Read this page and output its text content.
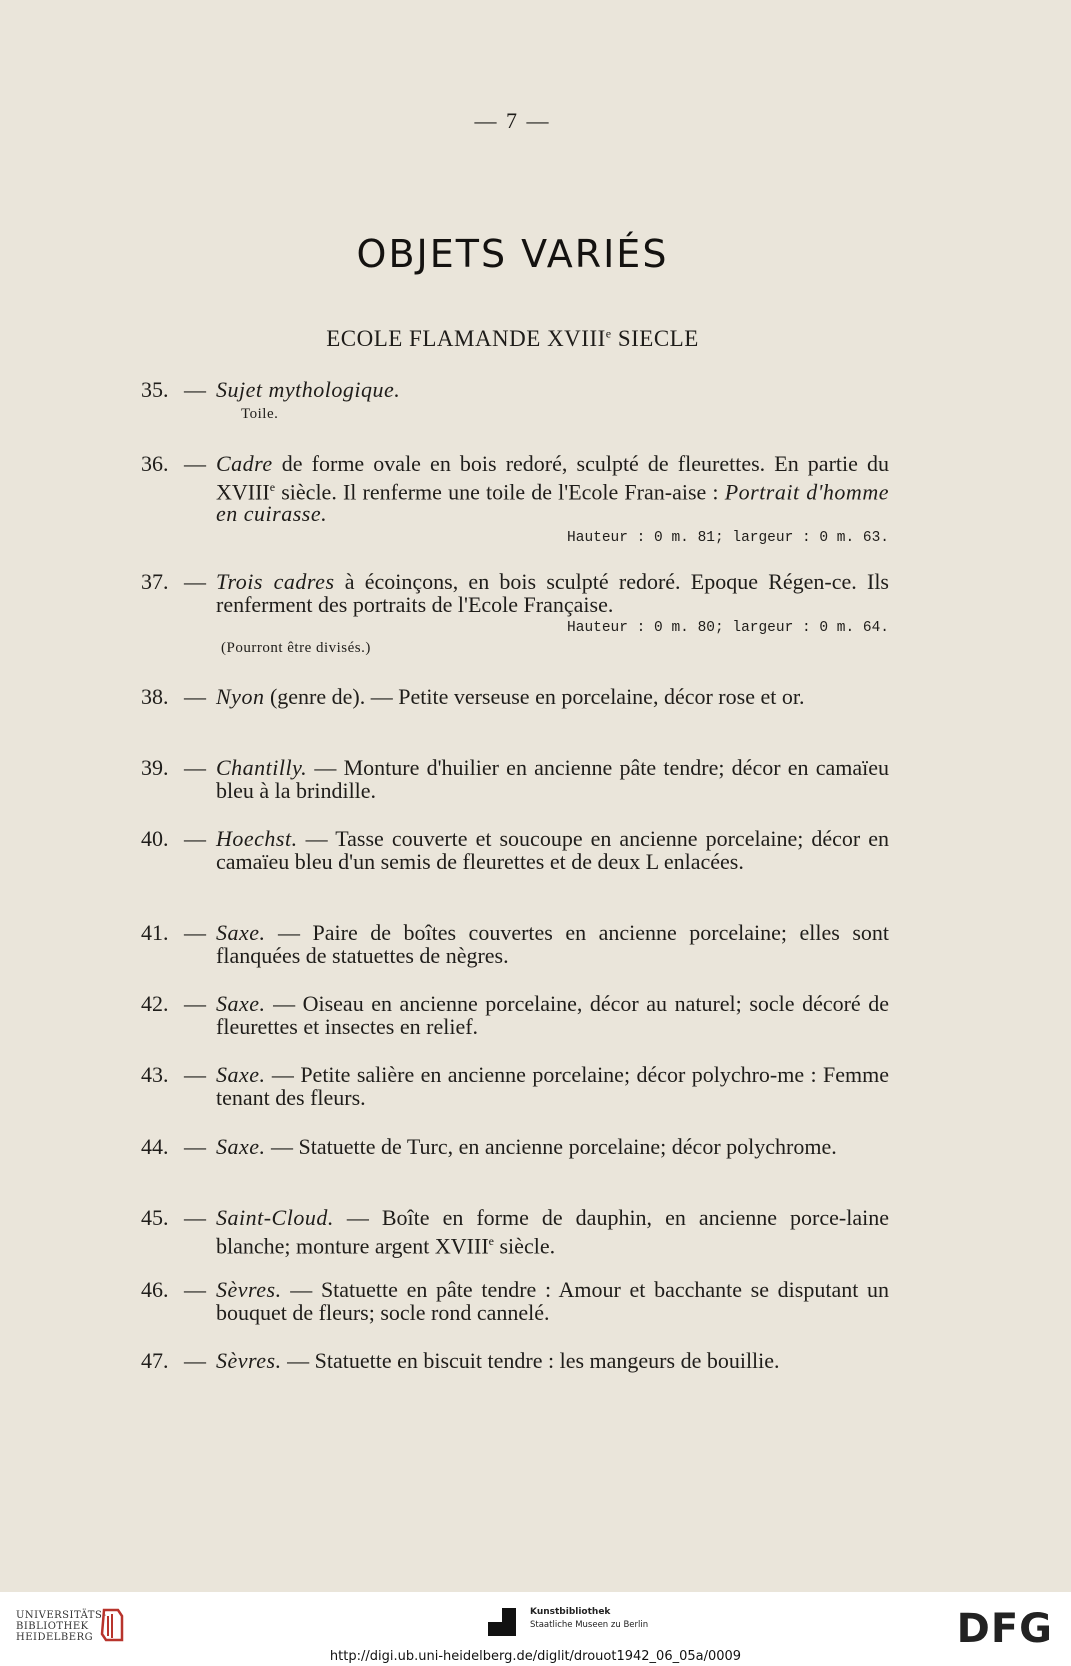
— 7 —
OBJETS VARIÉS
ECOLE FLAMANDE XVIIIe SIECLE
35. — Sujet mythologique.
Toile.
36. — Cadre de forme ovale en bois redoré, sculpté de fleurettes. En partie du XVIIIe siècle. Il renferme une toile de l'Ecole Fran-aise : Portrait d'homme en cuirasse.
Hauteur : 0 m. 81; largeur : 0 m. 63.
37. — Trois cadres à écoinçons, en bois sculpté redoré. Epoque Régen-ce. Ils renferment des portraits de l'Ecole Française.
Hauteur : 0 m. 80; largeur : 0 m. 64.
(Pourront être divisés.)
38. — Nyon (genre de). — Petite verseuse en porcelaine, décor rose et or.
39. — Chantilly. — Monture d'huilier en ancienne pâte tendre; décor en camaïeu bleu à la brindille.
40. — Hoechst. — Tasse couverte et soucoupe en ancienne porcelaine; décor en camaïeu bleu d'un semis de fleurettes et de deux L enlacées.
41. — Saxe. — Paire de boîtes couvertes en ancienne porcelaine; elles sont flanquées de statuettes de nègres.
42. — Saxe. — Oiseau en ancienne porcelaine, décor au naturel; socle décoré de fleurettes et insectes en relief.
43. — Saxe. — Petite salière en ancienne porcelaine; décor polychro-me : Femme tenant des fleurs.
44. — Saxe. — Statuette de Turc, en ancienne porcelaine; décor polychrome.
45. — Saint-Cloud. — Boîte en forme de dauphin, en ancienne porce-laine blanche; monture argent XVIIIe siècle.
46. — Sèvres. — Statuette en pâte tendre : Amour et bacchante se disputant un bouquet de fleurs; socle rond cannelé.
47. — Sèvres. — Statuette en biscuit tendre : les mangeurs de bouillie.
UNIVERSITÄTS-
BIBLIOTHEK
HEIDELBERG
Kunstbibliothek
Staatliche Museen zu Berlin	DFG
http://digi.ub.uni-heidelberg.de/diglit/drouot1942_06_05a/0009
